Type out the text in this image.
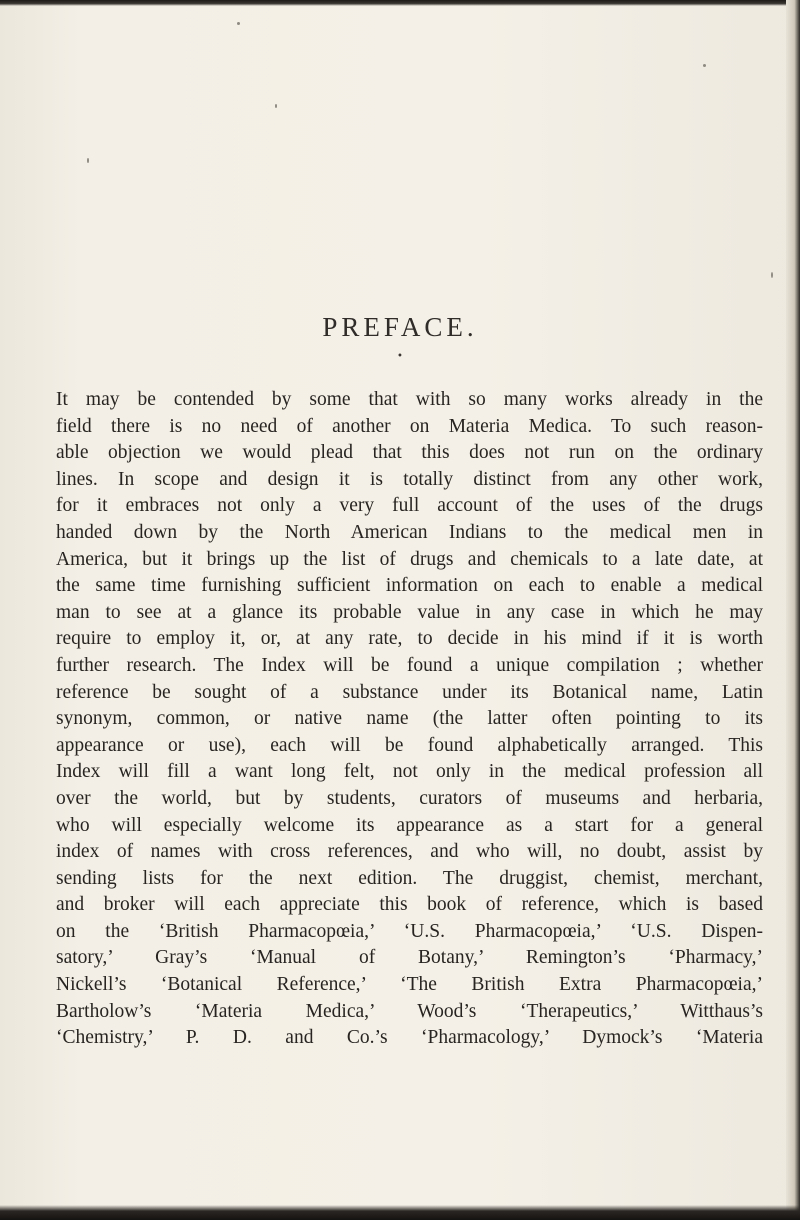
PREFACE.
•
It may be contended by some that with so many works already in the
field there is no need of another on Materia Medica. To such reason-
able objection we would plead that this does not run on the ordinary
lines. In scope and design it is totally distinct from any other work,
for it embraces not only a very full account of the uses of the drugs
handed down by the North American Indians to the medical men in
America, but it brings up the list of drugs and chemicals to a late date, at
the same time furnishing sufficient information on each to enable a medical
man to see at a glance its probable value in any case in which he may
require to employ it, or, at any rate, to decide in his mind if it is worth
further research. The Index will be found a unique compilation ; whether
reference be sought of a substance under its Botanical name, Latin
synonym, common, or native name (the latter often pointing to its
appearance or use), each will be found alphabetically arranged. This
Index will fill a want long felt, not only in the medical profession all
over the world, but by students, curators of museums and herbaria,
who will especially welcome its appearance as a start for a general
index of names with cross references, and who will, no doubt, assist by
sending lists for the next edition. The druggist, chemist, merchant,
and broker will each appreciate this book of reference, which is based
on the ‘British Pharmacopœia,’ ‘U.S. Pharmacopœia,’ ‘U.S. Dispen-
satory,’ Gray’s ‘Manual of Botany,’ Remington’s ‘Pharmacy,’
Nickell’s ‘Botanical Reference,’ ‘The British Extra Pharmacopœia,’
Bartholow’s ‘Materia Medica,’ Wood’s ‘Therapeutics,’ Witthaus’s
‘Chemistry,’ P. D. and Co.’s ‘Pharmacology,’ Dymock’s ‘Materia
